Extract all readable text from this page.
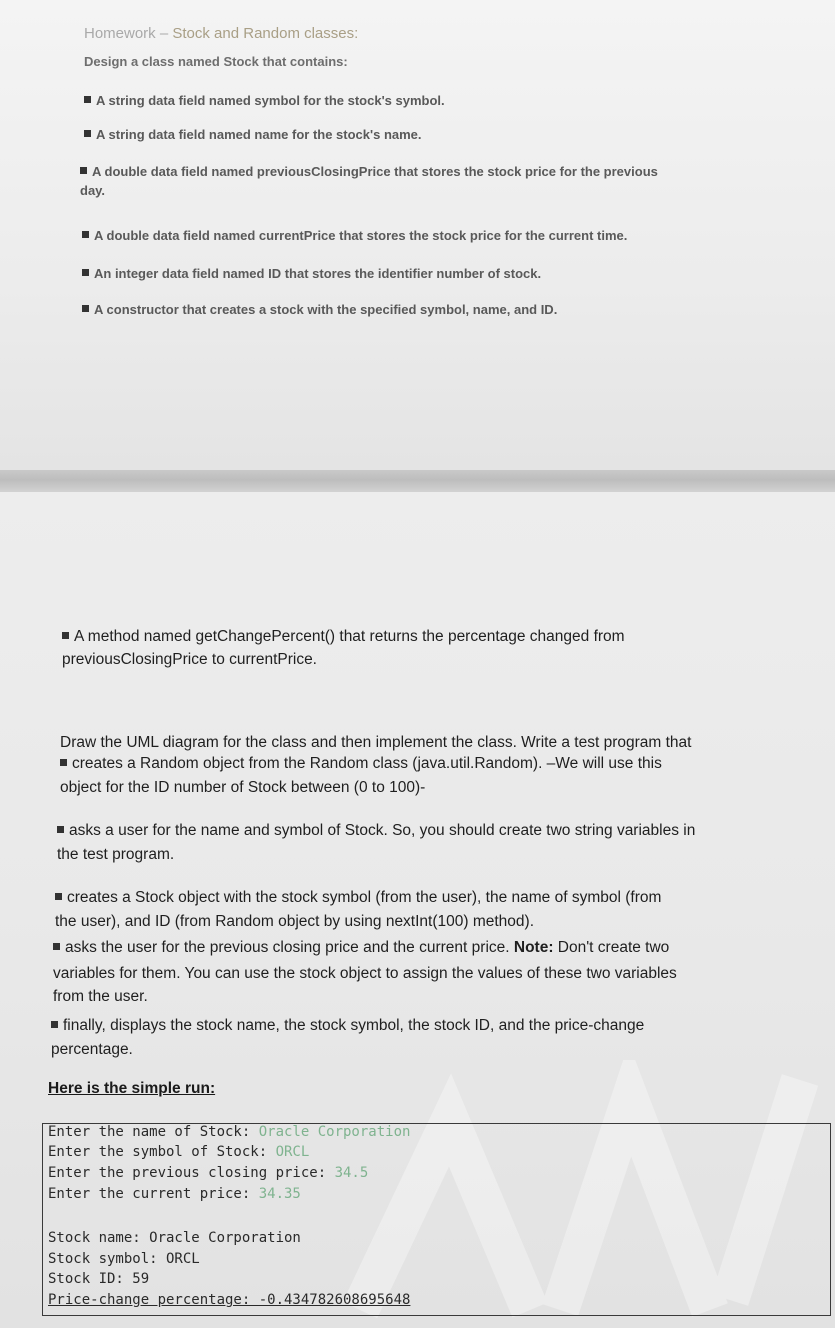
Homework – Stock and Random classes:
Design a class named Stock that contains:
A string data field named symbol for the stock's symbol.
A string data field named name for the stock's name.
A double data field named previousClosingPrice that stores the stock price for the previous
day.
A double data field named currentPrice that stores the stock price for the current time.
An integer data field named ID that stores the identifier number of stock.
A constructor that creates a stock with the specified symbol, name, and ID.
A method named getChangePercent() that returns the percentage changed from
previousClosingPrice to currentPrice.
Draw the UML diagram for the class and then implement the class. Write a test program that
creates a Random object from the Random class (java.util.Random). –We will use this
object for the ID number of Stock between (0 to 100)-
asks a user for the name and symbol of Stock. So, you should create two string variables in
the test program.
creates a Stock object with the stock symbol (from the user), the name of symbol (from
the user), and ID (from Random object by using nextInt(100) method).
asks the user for the previous closing price and the current price. Note: Don't create two
variables for them. You can use the stock object to assign the values of these two variables
from the user.
finally, displays the stock name, the stock symbol, the stock ID, and the price-change
percentage.
Here is the simple run:
Enter the name of Stock: Oracle Corporation
Enter the symbol of Stock: ORCL
Enter the previous closing price: 34.5
Enter the current price: 34.35
Stock name: Oracle Corporation
Stock symbol: ORCL
Stock ID: 59
Price-change percentage: -0.434782608695648
